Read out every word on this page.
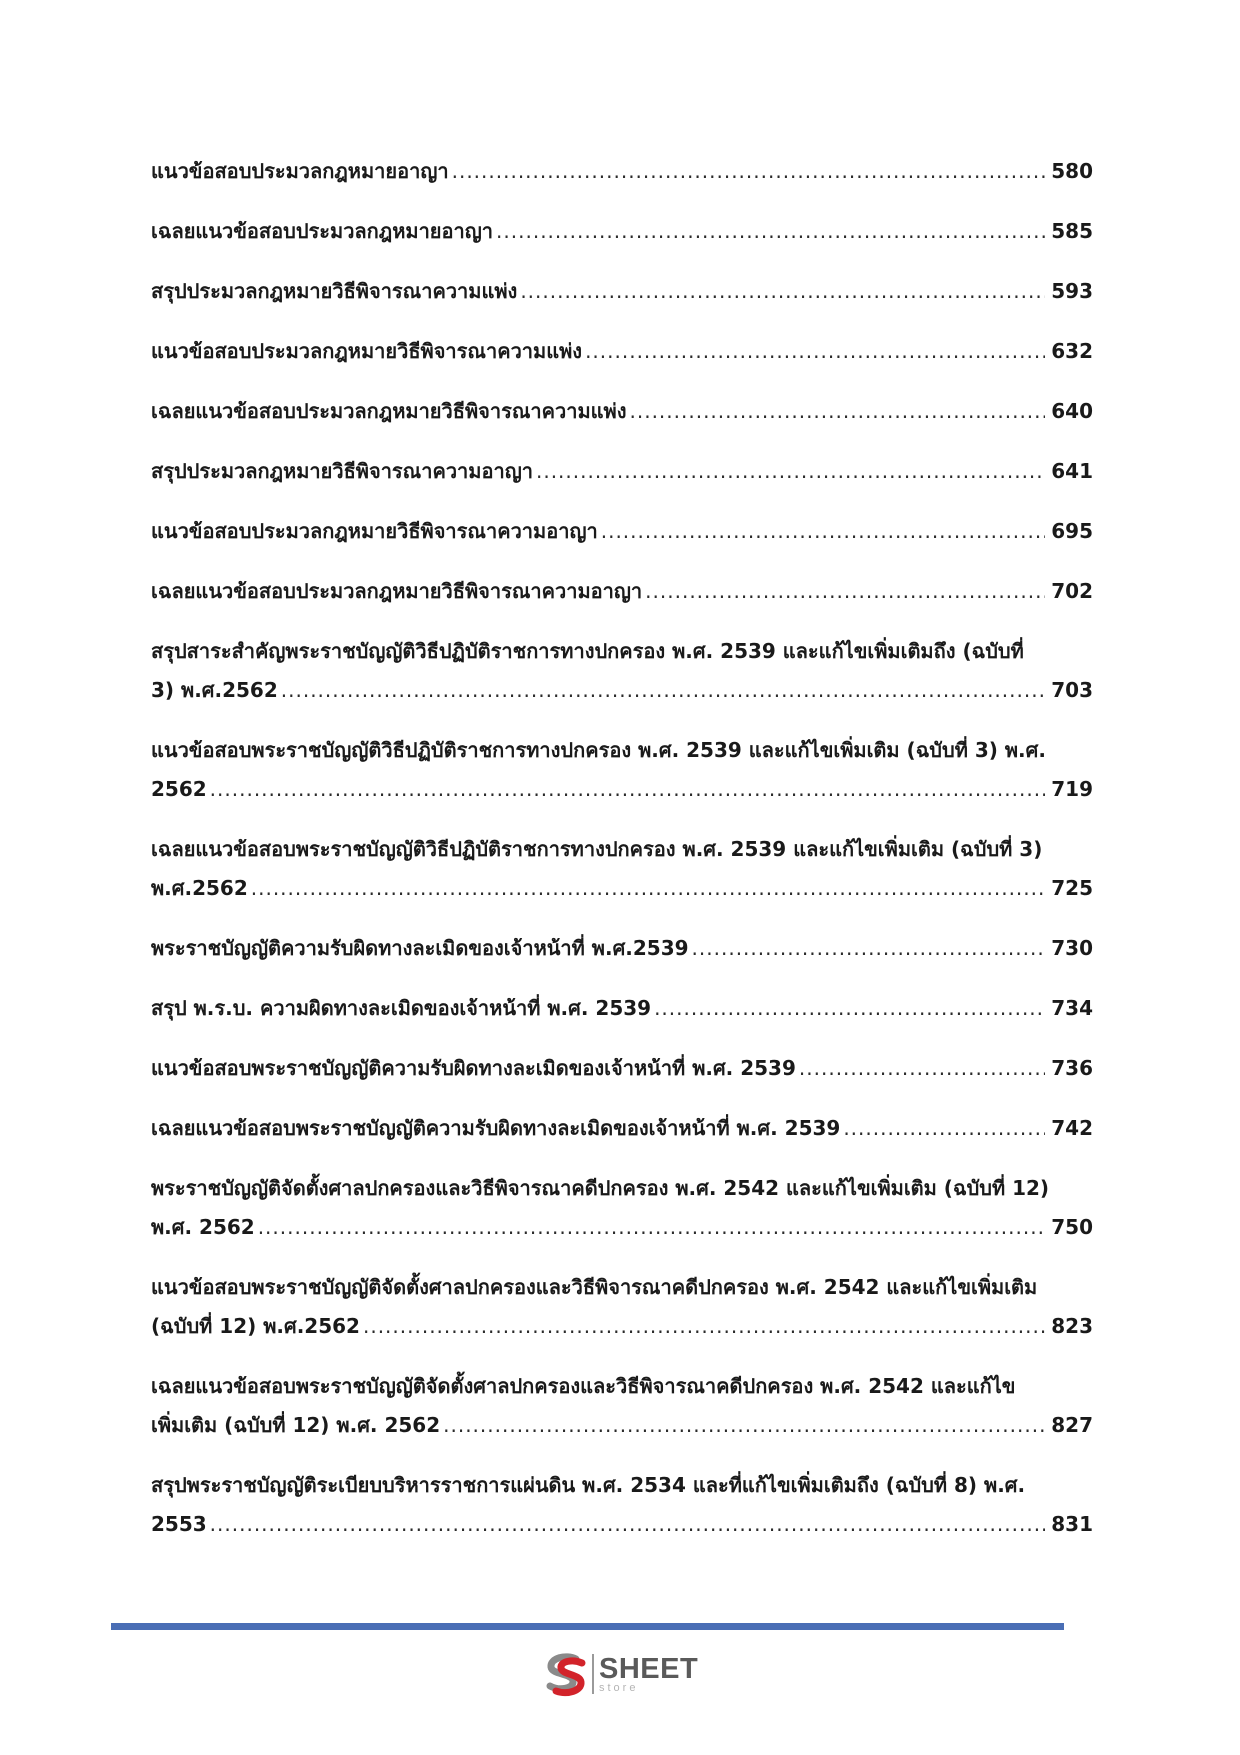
แนวข้อสอบประมวลกฎหมายอาญา .....	580
เฉลยแนวข้อสอบประมวลกฎหมายอาญา .....	585
สรุปประมวลกฎหมายวิธีพิจารณาความแพ่ง .....	593
แนวข้อสอบประมวลกฎหมายวิธีพิจารณาความแพ่ง .....	632
เฉลยแนวข้อสอบประมวลกฎหมายวิธีพิจารณาความแพ่ง .....	640
สรุปประมวลกฎหมายวิธีพิจารณาความอาญา .....	641
แนวข้อสอบประมวลกฎหมายวิธีพิจารณาความอาญา .....	695
เฉลยแนวข้อสอบประมวลกฎหมายวิธีพิจารณาความอาญา .....	702
สรุปสาระสำคัญพระราชบัญญัติวิธีปฏิบัติราชการทางปกครอง พ.ศ. 2539 และแก้ไขเพิ่มเติมถึง (ฉบับที่
3) พ.ศ.2562 .....	703
แนวข้อสอบพระราชบัญญัติวิธีปฏิบัติราชการทางปกครอง พ.ศ. 2539 และแก้ไขเพิ่มเติม (ฉบับที่ 3) พ.ศ.
2562 .....	719
เฉลยแนวข้อสอบพระราชบัญญัติวิธีปฏิบัติราชการทางปกครอง พ.ศ. 2539 และแก้ไขเพิ่มเติม (ฉบับที่ 3)
พ.ศ.2562 .....	725
พระราชบัญญัติความรับผิดทางละเมิดของเจ้าหน้าที่ พ.ศ.2539 .....	730
สรุป พ.ร.บ. ความผิดทางละเมิดของเจ้าหน้าที่ พ.ศ. 2539 .....	734
แนวข้อสอบพระราชบัญญัติความรับผิดทางละเมิดของเจ้าหน้าที่ พ.ศ. 2539 .....	736
เฉลยแนวข้อสอบพระราชบัญญัติความรับผิดทางละเมิดของเจ้าหน้าที่ พ.ศ. 2539 .....	742
พระราชบัญญัติจัดตั้งศาลปกครองและวิธีพิจารณาคดีปกครอง พ.ศ. 2542 และแก้ไขเพิ่มเติม (ฉบับที่ 12)
พ.ศ. 2562 .....	750
แนวข้อสอบพระราชบัญญัติจัดตั้งศาลปกครองและวิธีพิจารณาคดีปกครอง พ.ศ. 2542 และแก้ไขเพิ่มเติม
(ฉบับที่ 12) พ.ศ.2562 .....	823
เฉลยแนวข้อสอบพระราชบัญญัติจัดตั้งศาลปกครองและวิธีพิจารณาคดีปกครอง พ.ศ. 2542 และแก้ไข
เพิ่มเติม (ฉบับที่ 12) พ.ศ. 2562 .....	827
สรุปพระราชบัญญัติระเบียบบริหารราชการแผ่นดิน พ.ศ. 2534 และที่แก้ไขเพิ่มเติมถึง (ฉบับที่ 8) พ.ศ.
2553 .....	831
SHEET
store
